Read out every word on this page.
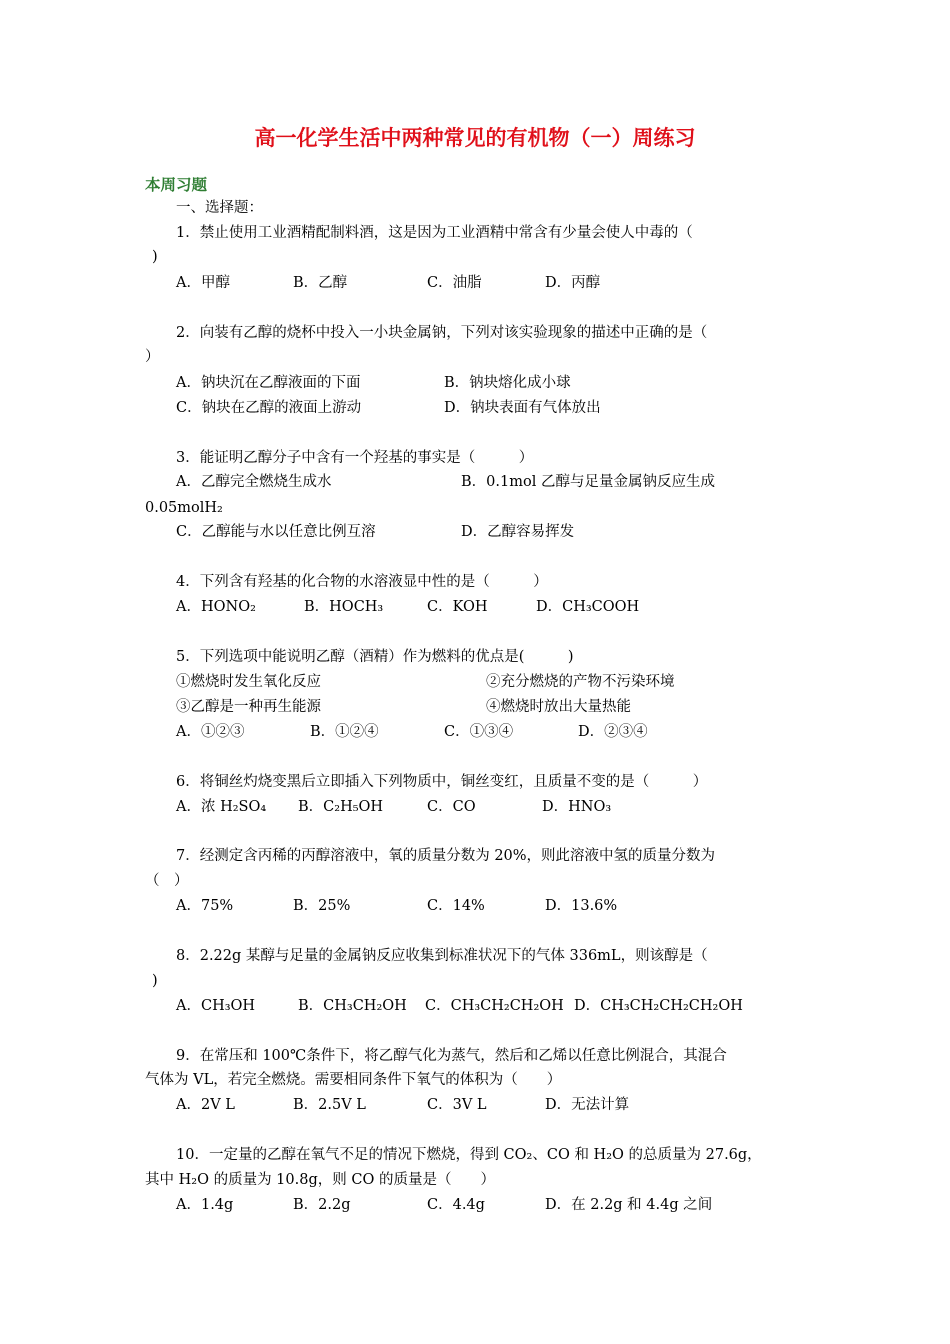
高一化学生活中两种常见的有机物（一）周练习
本周习题
一、选择题：
1．禁止使用工业酒精配制料酒，这是因为工业酒精中常含有少量会使人中毒的（
)
A．甲醇	B．乙醇	C．油脂	D．丙醇
2．向装有乙醇的烧杯中投入一小块金属钠，下列对该实验现象的描述中正确的是（
）
A．钠块沉在乙醇液面的下面	B．钠块熔化成小球
C．钠块在乙醇的液面上游动	D．钠块表面有气体放出
3．能证明乙醇分子中含有一个羟基的事实是（　　　）
A．乙醇完全燃烧生成水	B．0.1mol 乙醇与足量金属钠反应生成
0.05molH₂
C．乙醇能与水以任意比例互溶	D．乙醇容易挥发
4．下列含有羟基的化合物的水溶液显中性的是（　　　）
A．HONO₂	B．HOCH₃	C．KOH	D．CH₃COOH
5．下列选项中能说明乙醇（酒精）作为燃料的优点是(　　　)
①燃烧时发生氧化反应	②充分燃烧的产物不污染环境
③乙醇是一种再生能源	④燃烧时放出大量热能
A．①②③	B．①②④	C．①③④	D．②③④
6．将铜丝灼烧变黑后立即插入下列物质中，铜丝变红，且质量不变的是（　　　）
A．浓 H₂SO₄ B．C₂H₅OH	C．CO	D．HNO₃
7．经测定含丙稀的丙醇溶液中，氧的质量分数为 20%，则此溶液中氢的质量分数为
（　）
A．75%	B．25%	C．14%	D．13.6%
8．2.22g 某醇与足量的金属钠反应收集到标准状况下的气体 336mL，则该醇是（
)
A．CH₃OH	B．CH₃CH₂OH C．CH₃CH₂CH₂OH D．CH₃CH₂CH₂CH₂OH
9．在常压和 100℃条件下，将乙醇气化为蒸气，然后和乙烯以任意比例混合，其混合
气体为 VL，若完全燃烧。需要相同条件下氧气的体积为（　　）
A．2V L	B．2.5V L	C．3V L	D．无法计算
10．一定量的乙醇在氧气不足的情况下燃烧，得到 CO₂、CO 和 H₂O 的总质量为 27.6g，
其中 H₂O 的质量为 10.8g，则 CO 的质量是（　　）
A．1.4g	B．2.2g	C．4.4g	D．在 2.2g 和 4.4g 之间
